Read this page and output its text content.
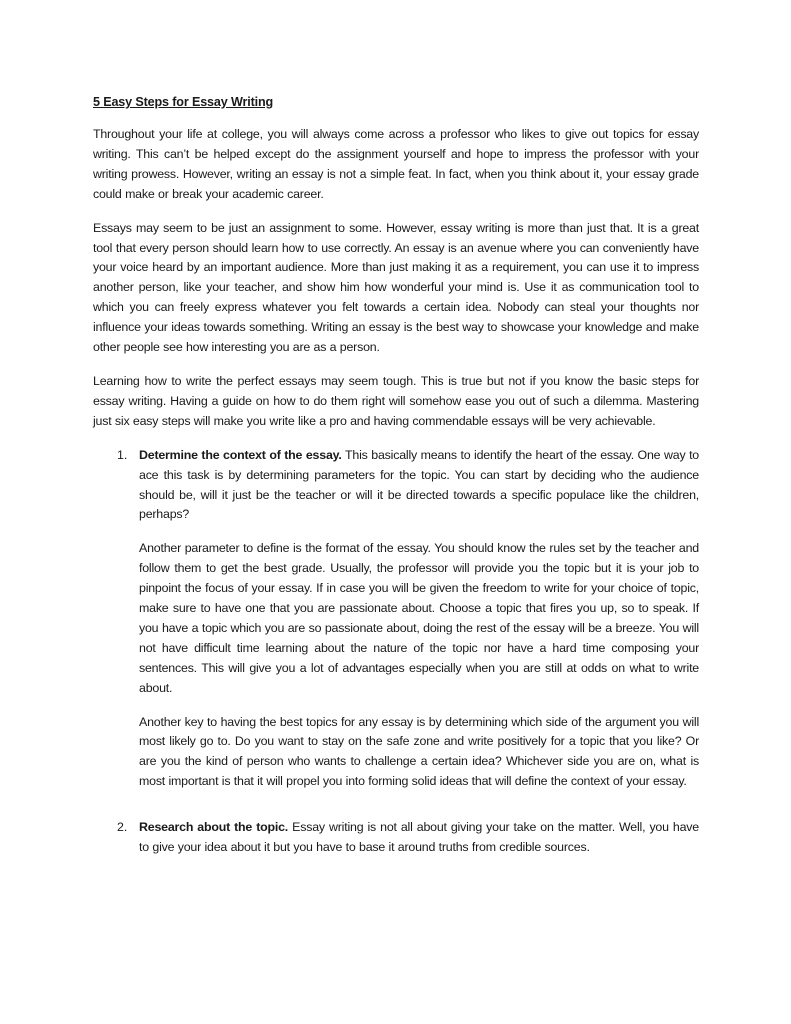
5 Easy Steps for Essay Writing

Throughout your life at college, you will always come across a professor who likes to give out topics for essay writing. This can’t be helped except do the assignment yourself and hope to impress the professor with your writing prowess. However, writing an essay is not a simple feat. In fact, when you think about it, your essay grade could make or break your academic career.

Essays may seem to be just an assignment to some. However, essay writing is more than just that. It is a great tool that every person should learn how to use correctly. An essay is an avenue where you can conveniently have your voice heard by an important audience. More than just making it as a requirement, you can use it to impress another person, like your teacher, and show him how wonderful your mind is. Use it as communication tool to which you can freely express whatever you felt towards a certain idea. Nobody can steal your thoughts nor influence your ideas towards something. Writing an essay is the best way to showcase your knowledge and make other people see how interesting you are as a person.

Learning how to write the perfect essays may seem tough. This is true but not if you know the basic steps for essay writing. Having a guide on how to do them right will somehow ease you out of such a dilemma. Mastering just six easy steps will make you write like a pro and having commendable essays will be very achievable.

1. Determine the context of the essay. This basically means to identify the heart of the essay. One way to ace this task is by determining parameters for the topic. You can start by deciding who the audience should be, will it just be the teacher or will it be directed towards a specific populace like the children, perhaps?

Another parameter to define is the format of the essay. You should know the rules set by the teacher and follow them to get the best grade. Usually, the professor will provide you the topic but it is your job to pinpoint the focus of your essay. If in case you will be given the freedom to write for your choice of topic, make sure to have one that you are passionate about. Choose a topic that fires you up, so to speak. If you have a topic which you are so passionate about, doing the rest of the essay will be a breeze. You will not have difficult time learning about the nature of the topic nor have a hard time composing your sentences. This will give you a lot of advantages especially when you are still at odds on what to write about.

Another key to having the best topics for any essay is by determining which side of the argument you will most likely go to. Do you want to stay on the safe zone and write positively for a topic that you like? Or are you the kind of person who wants to challenge a certain idea? Whichever side you are on, what is most important is that it will propel you into forming solid ideas that will define the context of your essay.

2. Research about the topic. Essay writing is not all about giving your take on the matter. Well, you have to give your idea about it but you have to base it around truths from credible sources.
